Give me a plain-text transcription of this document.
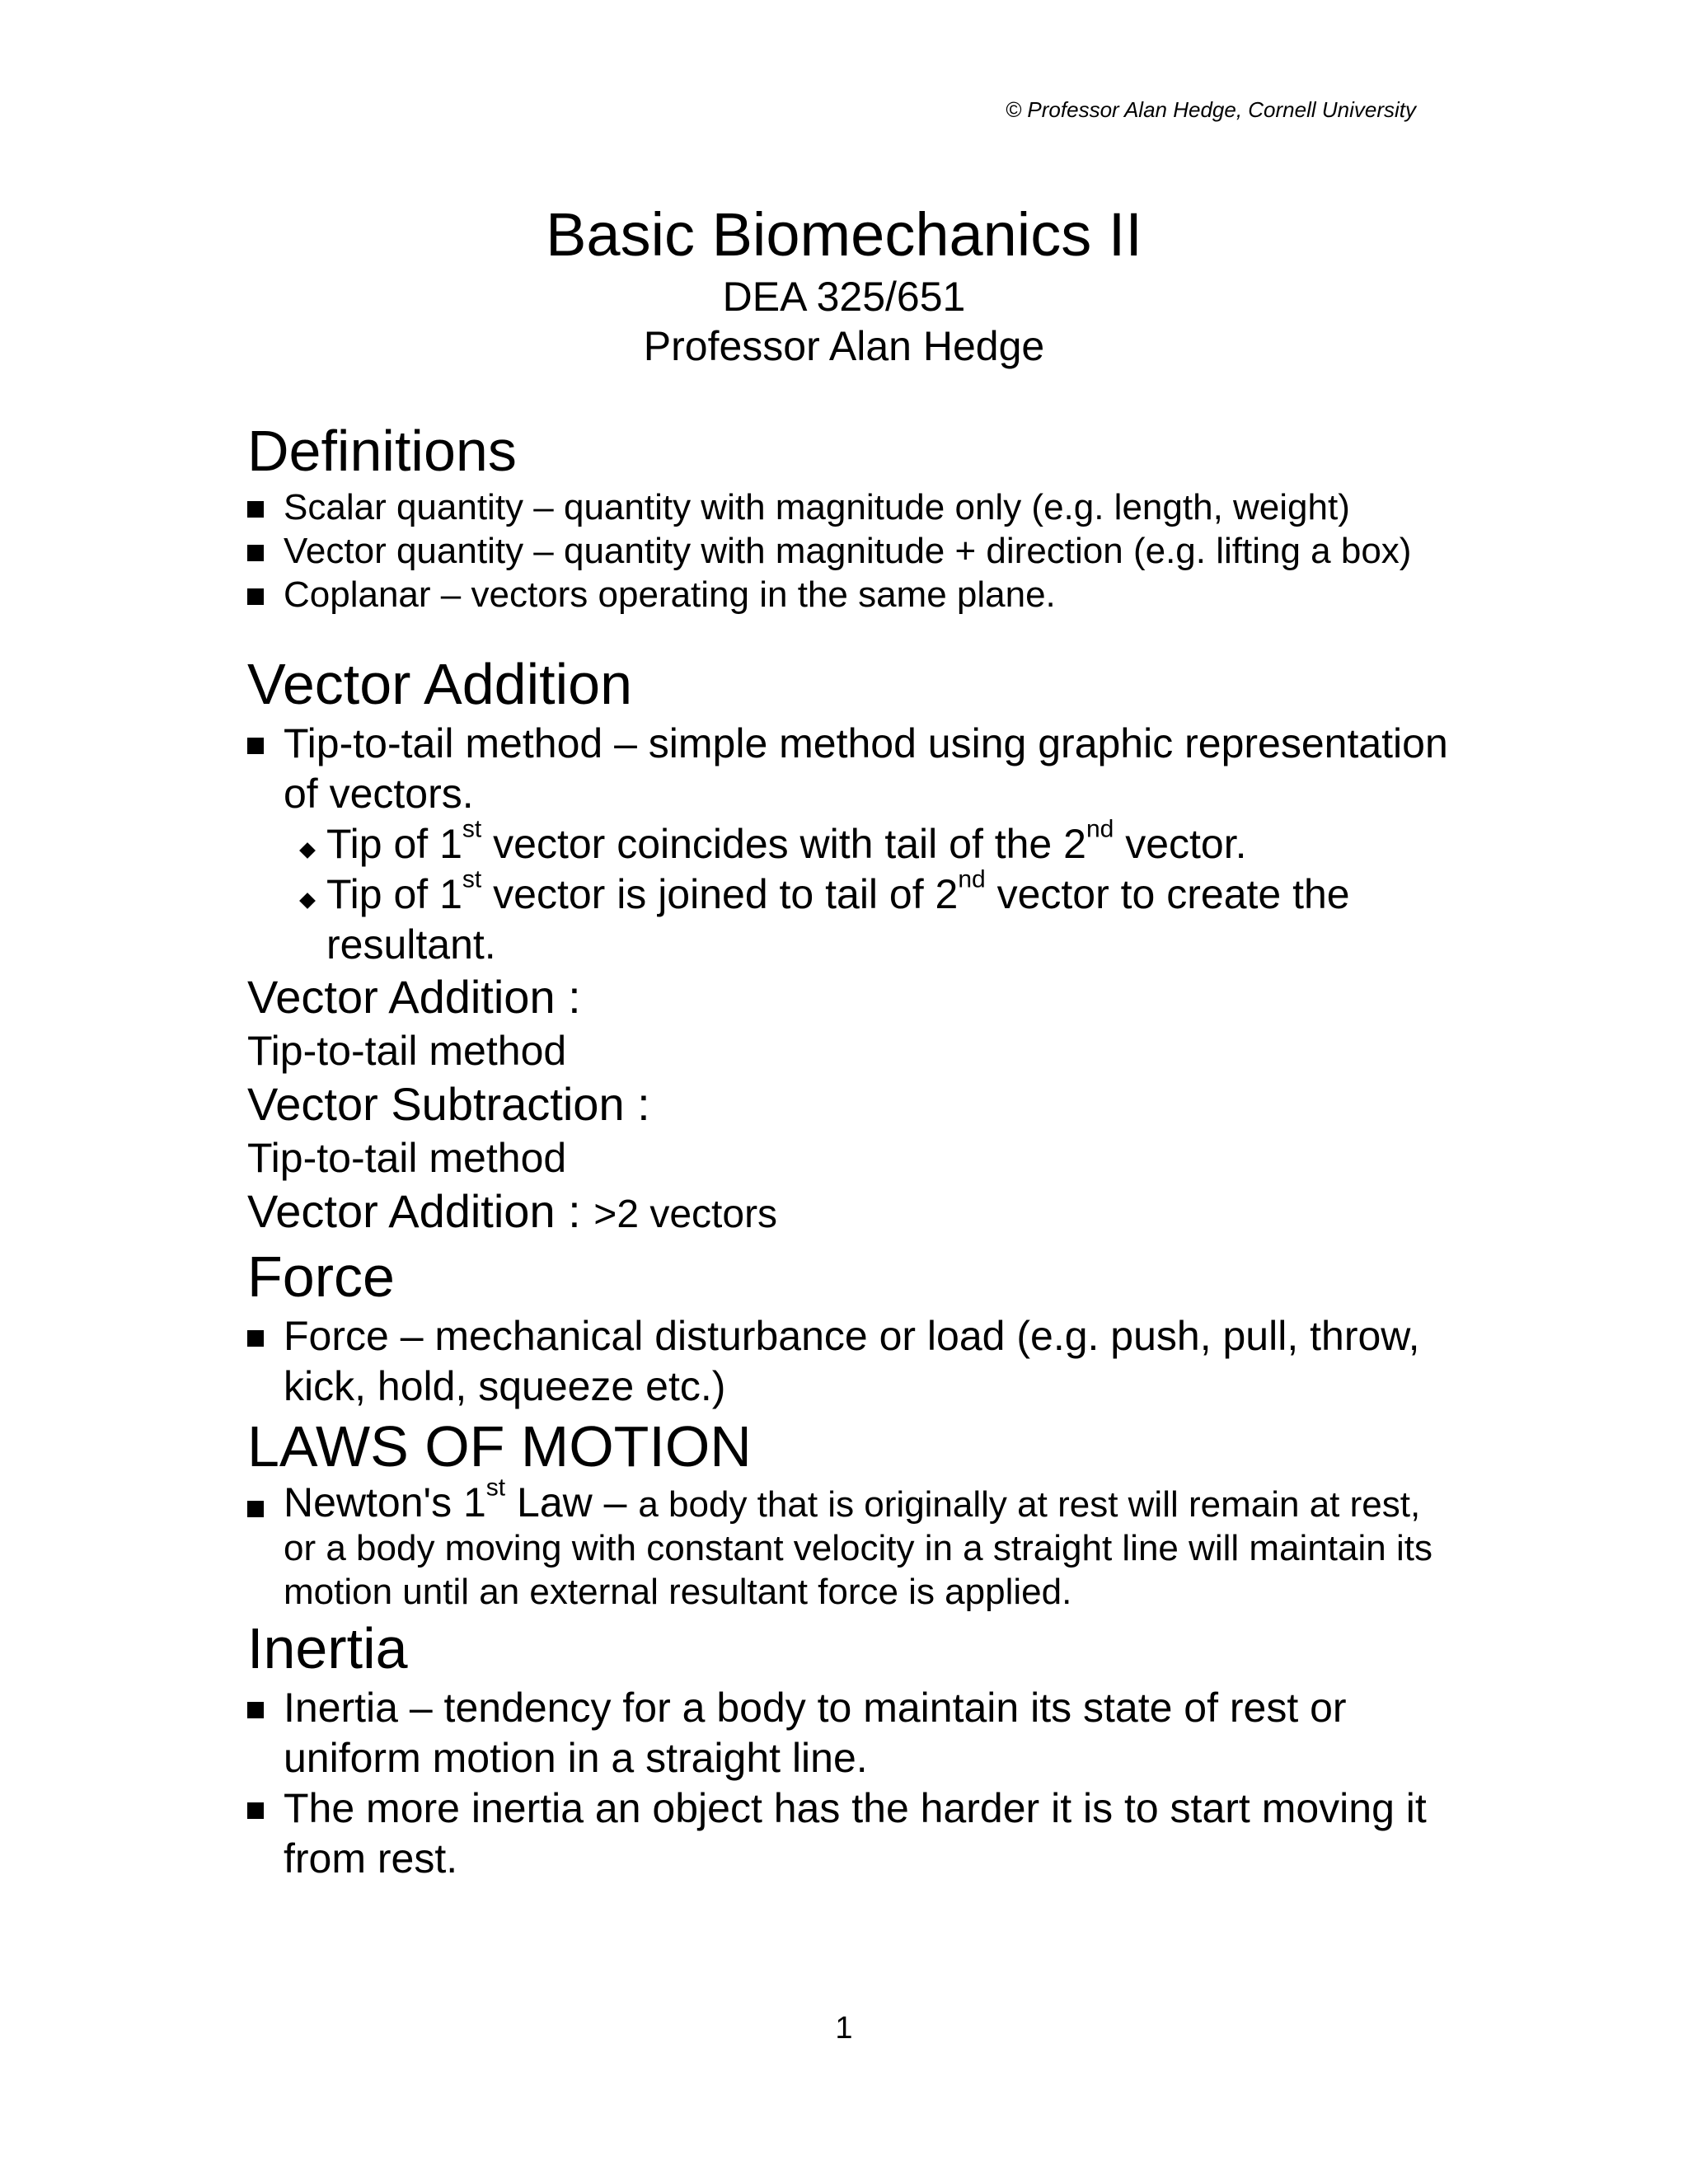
© Professor Alan Hedge, Cornell University
Basic Biomechanics II
DEA 325/651
Professor Alan Hedge
Definitions
Scalar quantity – quantity with magnitude only (e.g. length, weight)
Vector quantity – quantity with magnitude + direction (e.g. lifting a box)
Coplanar – vectors operating in the same plane.
Vector Addition
Tip-to-tail method – simple method using graphic representation of vectors.
Tip of 1st vector coincides with tail of the 2nd vector.
Tip of 1st vector is joined to tail of 2nd vector to create the resultant.
Vector Addition :
Tip-to-tail method
Vector Subtraction :
Tip-to-tail method
Vector Addition : >2 vectors
Force
Force – mechanical disturbance or load (e.g. push, pull, throw, kick, hold, squeeze etc.)
LAWS OF MOTION
Newton's 1st Law – a body that is originally at rest will remain at rest, or a body moving with constant velocity in a straight line will maintain its motion until an external resultant force is applied.
Inertia
Inertia – tendency for a body to maintain its state of rest or uniform motion in a straight line.
The more inertia an object has the harder it is to start moving it from rest.
1
